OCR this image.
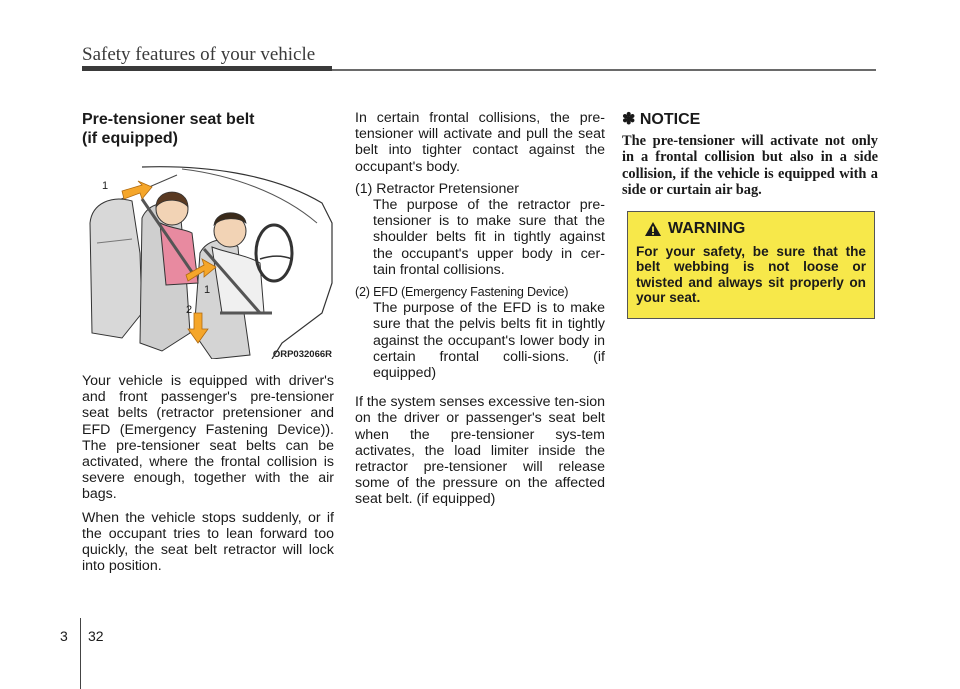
Safety features of your vehicle
Pre-tensioner seat belt
(if equipped)
1
1
2
ORP032066R

Your vehicle is equipped with driver's and front passenger's pre-tensioner seat belts (retractor pretensioner and EFD (Emergency Fastening Device)). The pre-tensioner seat belts can be activated, where the frontal collision is severe enough, together with the air bags.

When the vehicle stops suddenly, or if the occupant tries to lean forward too quickly, the seat belt retractor will lock into position.

In certain frontal collisions, the pre-tensioner will activate and pull the seat belt into tighter contact against the occupant's body.

(1) Retractor Pretensioner
The purpose of the retractor pre-tensioner is to make sure that the shoulder belts fit in tightly against the occupant's upper body in cer-tain frontal collisions.
(2) EFD (Emergency Fastening Device)
The purpose of the EFD is to make sure that the pelvis belts fit in tightly against the occupant's lower body in certain frontal colli-sions. (if equipped)

If the system senses excessive ten-sion on the driver or passenger's seat belt when the pre-tensioner sys-tem activates, the load limiter inside the retractor pre-tensioner will release some of the pressure on the affected seat belt. (if equipped)

✽ NOTICE
The pre-tensioner will activate not only in a frontal collision but also in a side collision, if the vehicle is equipped with a side or curtain air bag.
WARNING
For your safety, be sure that the belt webbing is not loose or twisted and always sit properly on your seat.
3 32
